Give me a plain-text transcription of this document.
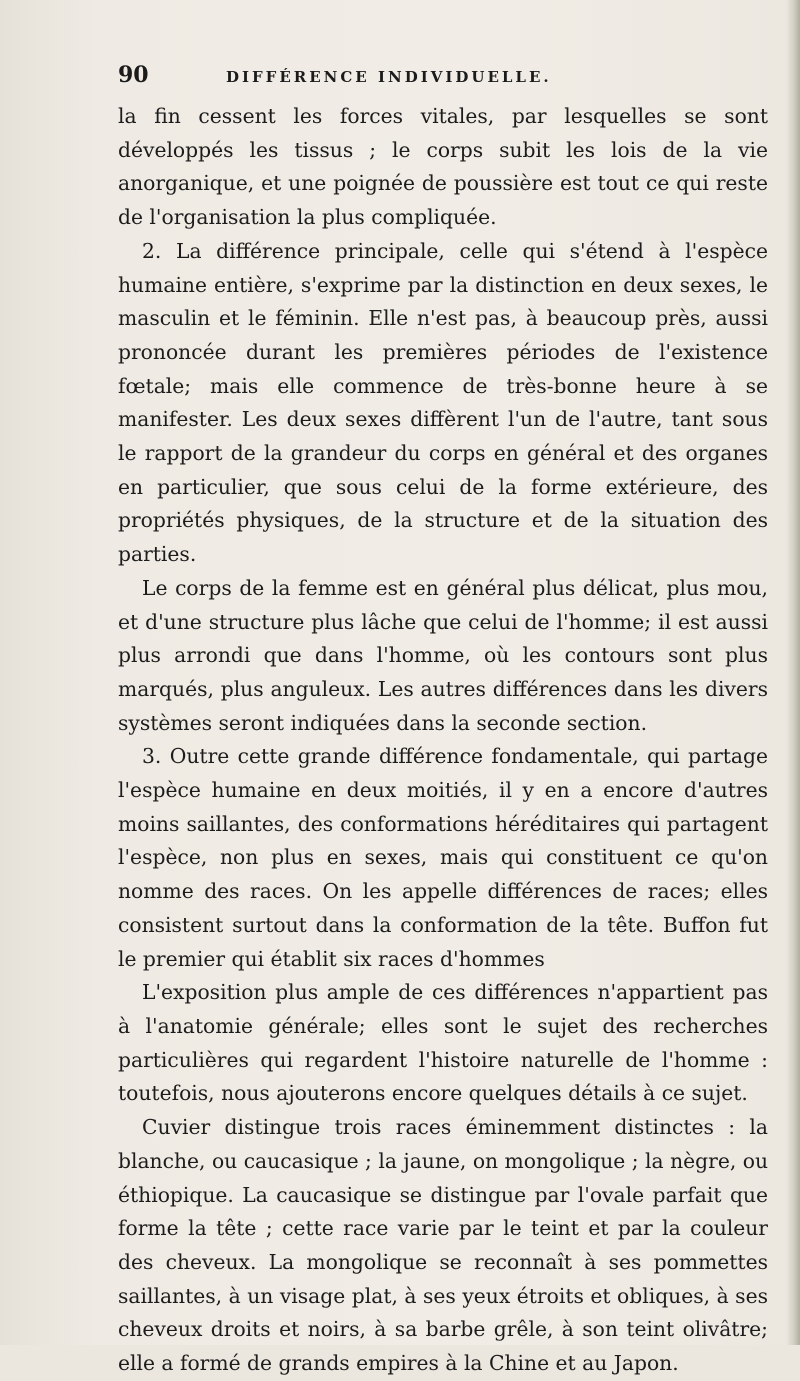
90	DIFFÉRENCE INDIVIDUELLE.

la fin cessent les forces vitales, par lesquelles se sont développés les tissus ; le corps subit les lois de la vie anorganique, et une poignée de poussière est tout ce qui reste de l'organisation la plus compliquée.

2. La différence principale, celle qui s'étend à l'espèce humaine entière, s'exprime par la distinction en deux sexes, le masculin et le féminin. Elle n'est pas, à beaucoup près, aussi prononcée durant les premières périodes de l'existence fœtale; mais elle commence de très-bonne heure à se manifester. Les deux sexes diffèrent l'un de l'autre, tant sous le rapport de la grandeur du corps en général et des organes en particulier, que sous celui de la forme extérieure, des propriétés physiques, de la structure et de la situation des parties.

Le corps de la femme est en général plus délicat, plus mou, et d'une structure plus lâche que celui de l'homme; il est aussi plus arrondi que dans l'homme, où les contours sont plus marqués, plus anguleux. Les autres différences dans les divers systèmes seront indiquées dans la seconde section.

3. Outre cette grande différence fondamentale, qui partage l'espèce humaine en deux moitiés, il y en a encore d'autres moins saillantes, des conformations héréditaires qui partagent l'espèce, non plus en sexes, mais qui constituent ce qu'on nomme des races. On les appelle différences de races; elles consistent surtout dans la conformation de la tête. Buffon fut le premier qui établit six races d'hommes

L'exposition plus ample de ces différences n'appartient pas à l'anatomie générale; elles sont le sujet des recherches particulières qui regardent l'histoire naturelle de l'homme : toutefois, nous ajouterons encore quelques détails à ce sujet.

Cuvier distingue trois races éminemment distinctes : la blanche, ou caucasique ; la jaune, on mongolique ; la nègre, ou éthiopique. La caucasique se distingue par l'ovale parfait que forme la tête ; cette race varie par le teint et par la couleur des cheveux. La mongolique se reconnaît à ses pommettes saillantes, à un visage plat, à ses yeux étroits et obliques, à ses cheveux droits et noirs, à sa barbe grêle, à son teint olivâtre; elle a formé de grands empires à la Chine et au Japon.
